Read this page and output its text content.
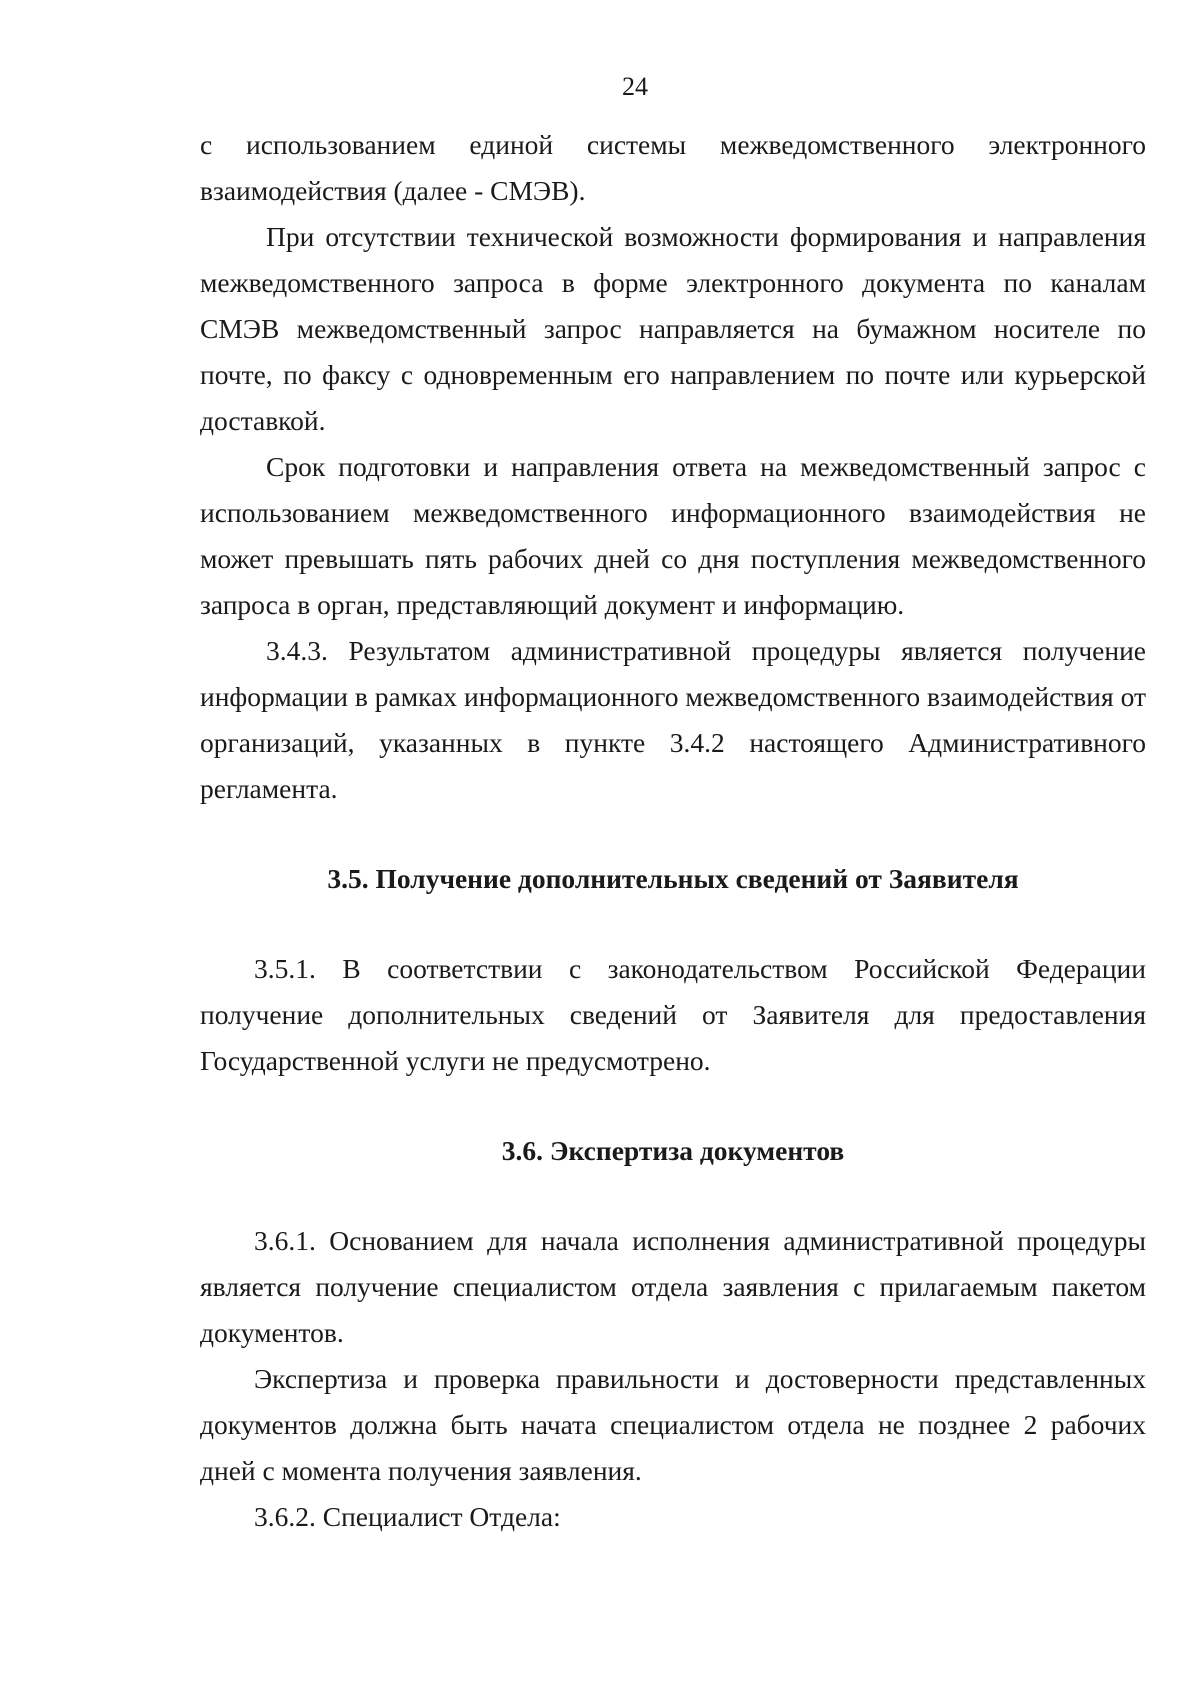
24

с использованием единой системы межведомственного электронного взаимодействия (далее - СМЭВ).

При отсутствии технической возможности формирования и направления межведомственного запроса в форме электронного документа по каналам СМЭВ межведомственный запрос направляется на бумажном носителе по почте, по факсу с одновременным его направлением по почте или курьерской доставкой.

Срок подготовки и направления ответа на межведомственный запрос с использованием межведомственного информационного взаимодействия не может превышать пять рабочих дней со дня поступления межведомственного запроса в орган, представляющий документ и информацию.

3.4.3. Результатом административной процедуры является получение информации в рамках информационного межведомственного взаимодействия от организаций, указанных в пункте 3.4.2 настоящего Административного регламента.

3.5. Получение дополнительных сведений от Заявителя

3.5.1. В соответствии с законодательством Российской Федерации получение дополнительных сведений от Заявителя для предоставления Государственной услуги не предусмотрено.

3.6. Экспертиза документов

3.6.1. Основанием для начала исполнения административной процедуры является получение специалистом отдела заявления с прилагаемым пакетом документов.

Экспертиза и проверка правильности и достоверности представленных документов должна быть начата специалистом отдела не позднее 2 рабочих дней с момента получения заявления.

3.6.2. Специалист Отдела:
